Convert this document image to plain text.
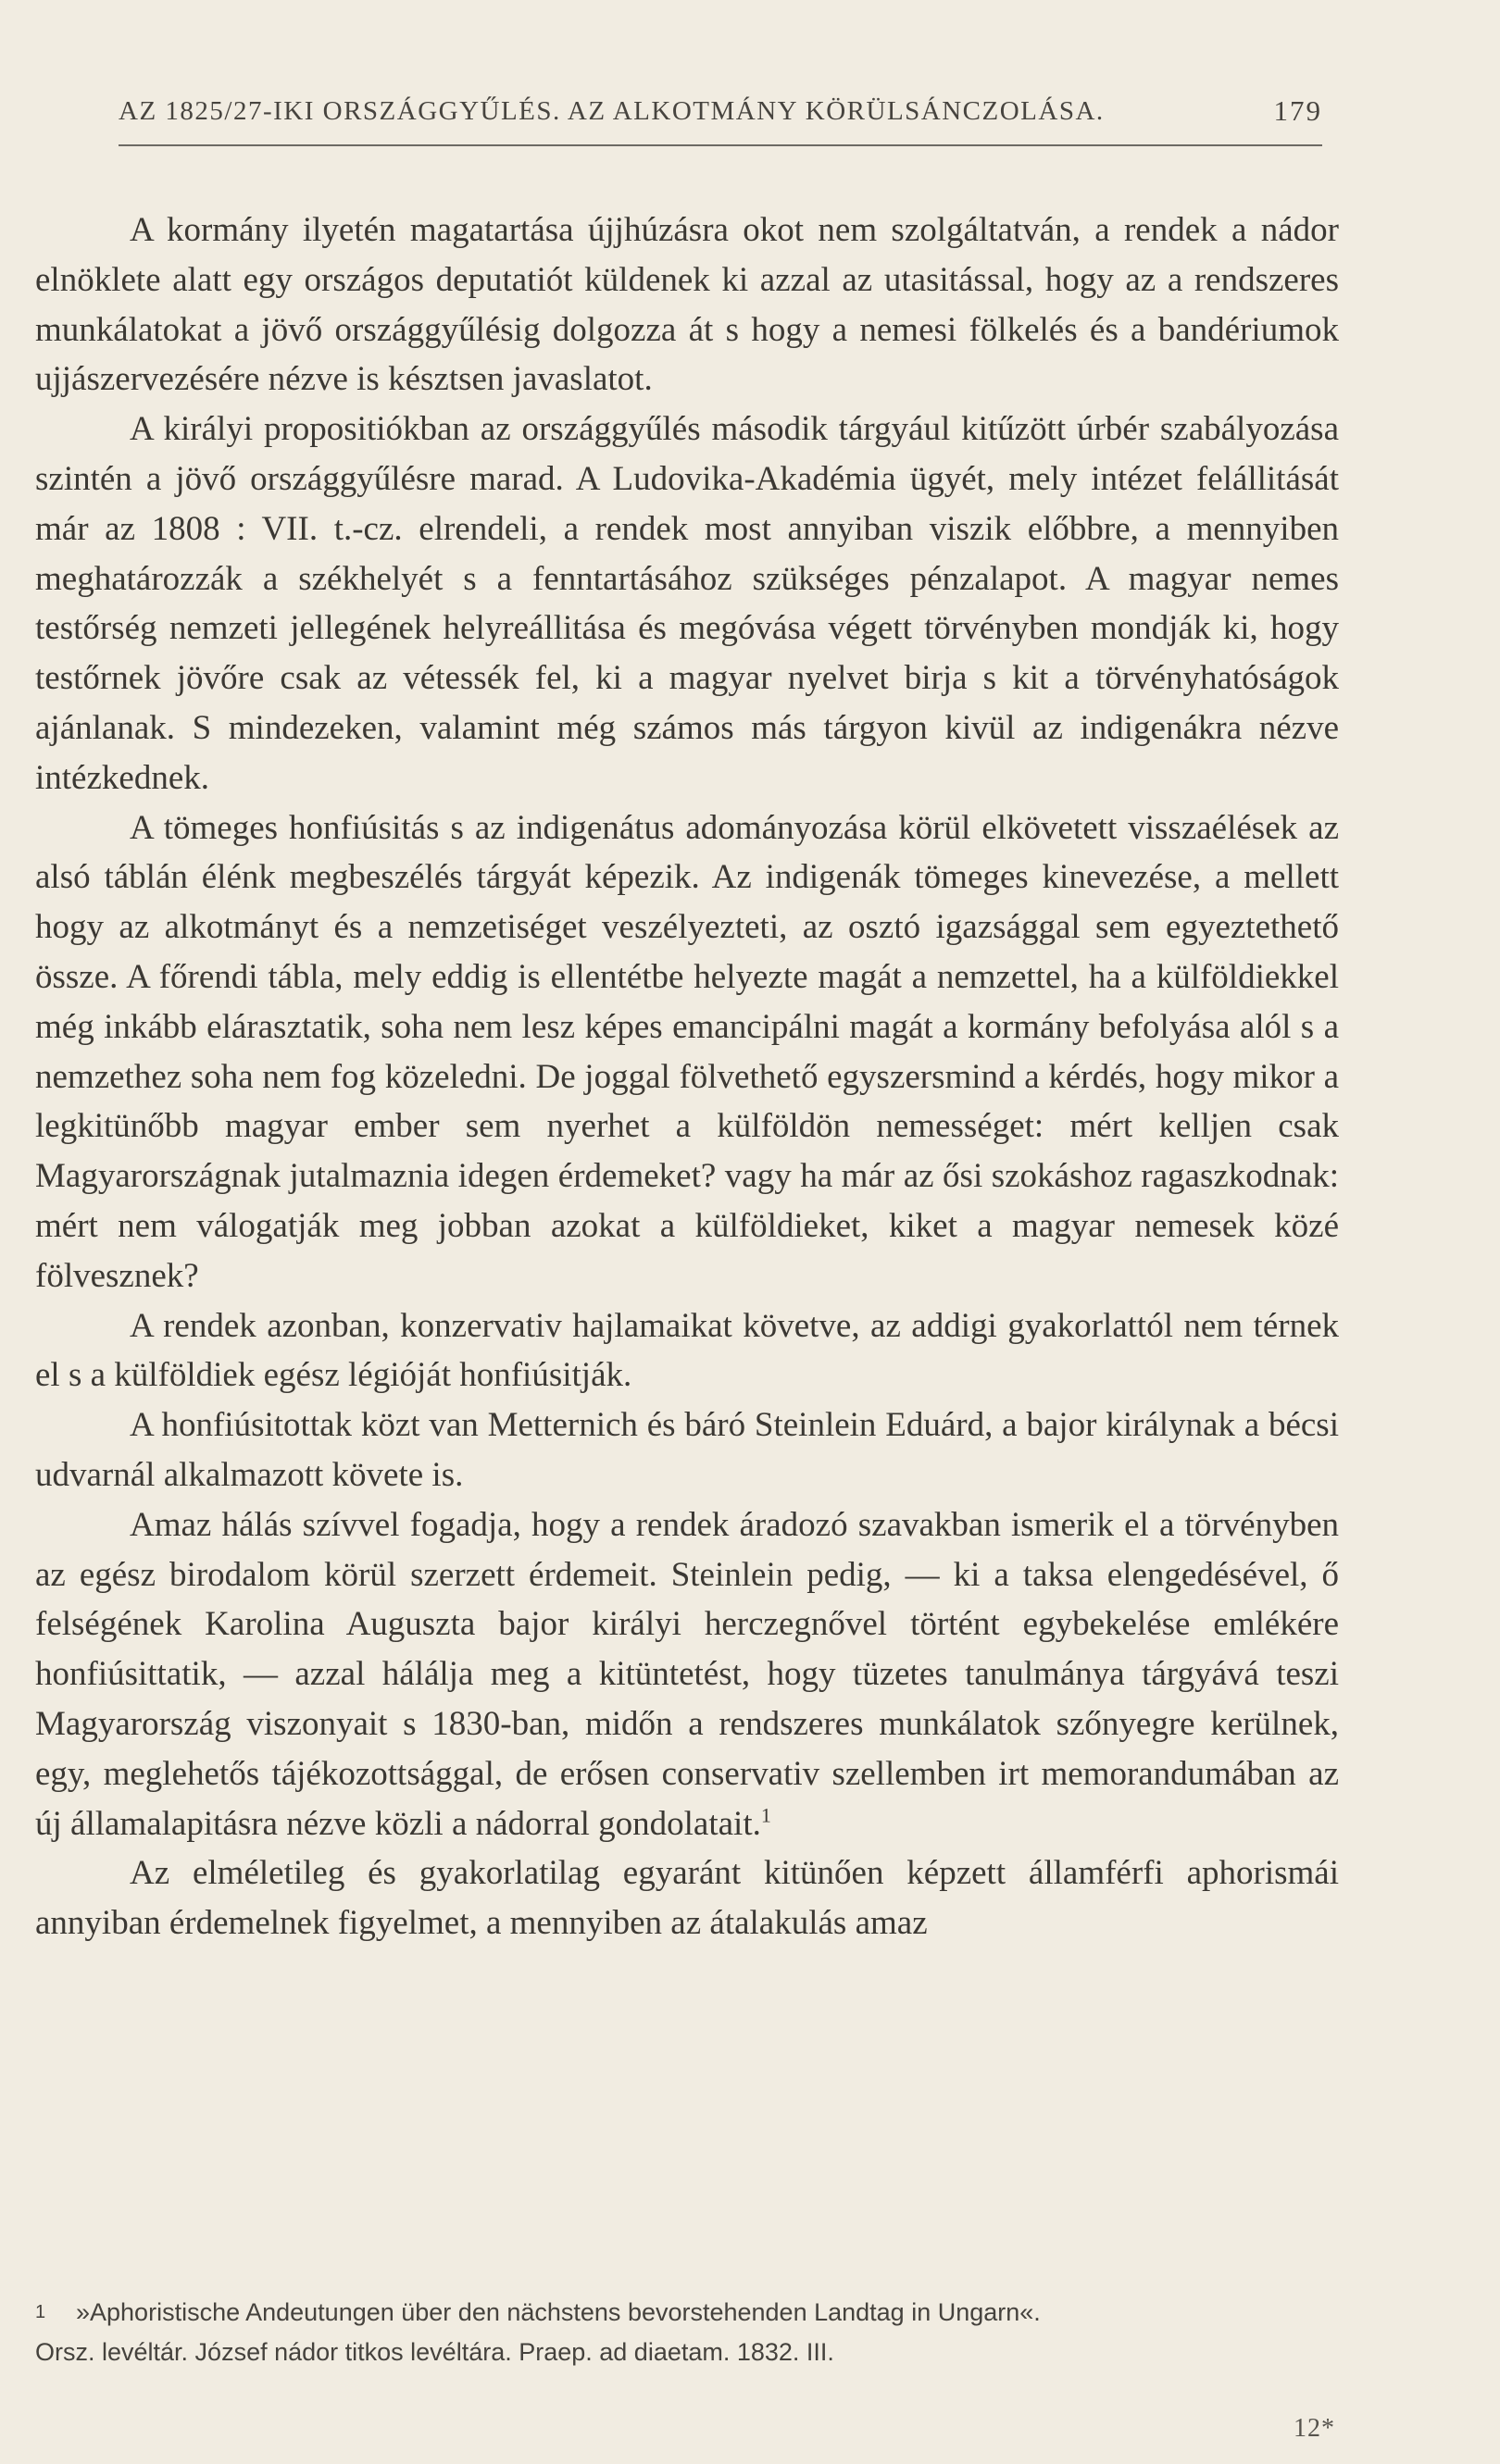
AZ 1825/27-IKI ORSZÁGGYŰLÉS. AZ ALKOTMÁNY KÖRÜLSÁNCZOLÁSA.	179

A kormány ilyetén magatartása újjhúzásra okot nem szolgáltatván, a rendek a nádor elnöklete alatt egy országos deputatiót küldenek ki azzal az utasitással, hogy az a rendszeres munkálatokat a jövő országgyűlésig dolgozza át s hogy a nemesi fölkelés és a bandériumok ujjászervezésére nézve is késztsen javaslatot.

A királyi propositiókban az országgyűlés második tárgyául kitűzött úrbér szabályozása szintén a jövő országgyűlésre marad. A Ludovika-Akadémia ügyét, mely intézet felállitását már az 1808 : VII. t.-cz. elrendeli, a rendek most annyiban viszik előbbre, a mennyiben meghatározzák a székhelyét s a fenntartásához szükséges pénzalapot. A magyar nemes testőrség nemzeti jellegének helyreállitása és megóvása végett törvényben mondják ki, hogy testőrnek jövőre csak az vétessék fel, ki a magyar nyelvet birja s kit a törvényhatóságok ajánlanak. S mindezeken, valamint még számos más tárgyon kivül az indigenákra nézve intézkednek.

A tömeges honfiúsitás s az indigenátus adományozása körül elkövetett visszaélések az alsó táblán élénk megbeszélés tárgyát képezik. Az indigenák tömeges kinevezése, a mellett hogy az alkotmányt és a nemzetiséget veszélyezteti, az osztó igazsággal sem egyeztethető össze. A főrendi tábla, mely eddig is ellentétbe helyezte magát a nemzettel, ha a külföldiekkel még inkább elárasztatik, soha nem lesz képes emancipálni magát a kormány befolyása alól s a nemzethez soha nem fog közeledni. De joggal fölvethető egyszersmind a kérdés, hogy mikor a legkitünőbb magyar ember sem nyerhet a külföldön nemességet: mért kelljen csak Magyarországnak jutalmaznia idegen érdemeket? vagy ha már az ősi szokáshoz ragaszkodnak: mért nem válogatják meg jobban azokat a külföldieket, kiket a magyar nemesek közé fölvesznek?

A rendek azonban, konzervativ hajlamaikat követve, az addigi gyakorlattól nem térnek el s a külföldiek egész légióját honfiúsitják.

A honfiúsitottak közt van Metternich és báró Steinlein Eduárd, a bajor királynak a bécsi udvarnál alkalmazott követe is.

Amaz hálás szívvel fogadja, hogy a rendek áradozó szavakban ismerik el a törvényben az egész birodalom körül szerzett érdemeit. Steinlein pedig, — ki a taksa elengedésével, ő felségének Karolina Auguszta bajor királyi herczegnővel történt egybekelése emlékére honfiúsittatik, — azzal hálálja meg a kitüntetést, hogy tüzetes tanulmánya tárgyává teszi Magyarország viszonyait s 1830-ban, midőn a rendszeres munkálatok szőnyegre kerülnek, egy, meglehetős tájékozottsággal, de erősen conservativ szellemben irt memorandumában az új államalapitásra nézve közli a nádorral gondolatait.$^1$

Az elméletileg és gyakorlatilag egyaránt kitünően képzett államférfi aphorismái annyiban érdemelnek figyelmet, a mennyiben az átalakulás amaz

1 »Aphoristische Andeutungen über den nächstens bevorstehenden Landtag in Ungarn«.
Orsz. levéltár. József nádor titkos levéltára. Praep. ad diaetam. 1832. III.
12*
